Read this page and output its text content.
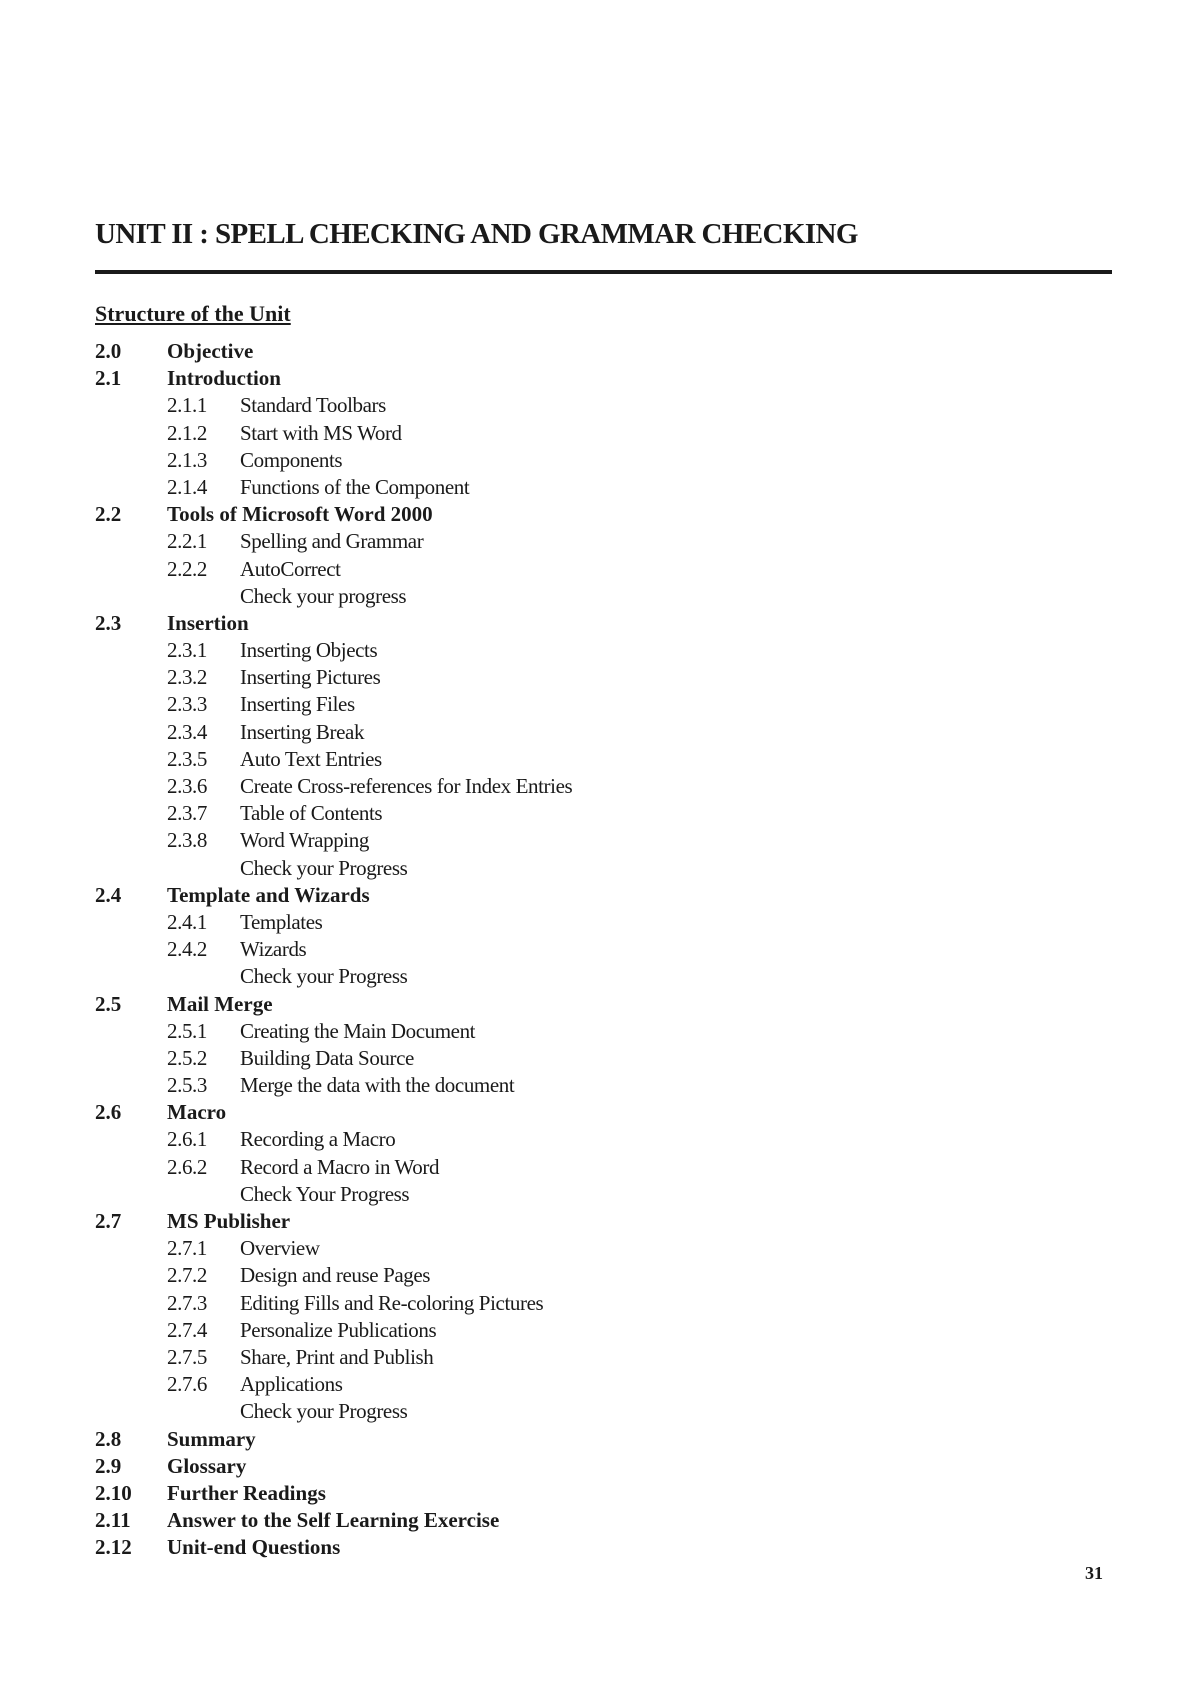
UNIT II : SPELL CHECKING AND GRAMMAR CHECKING
Structure of the Unit
2.0 Objective
2.1 Introduction
2.1.1 Standard Toolbars
2.1.2 Start with MS Word
2.1.3 Components
2.1.4 Functions of the Component
2.2 Tools of Microsoft Word 2000
2.2.1 Spelling and Grammar
2.2.2 AutoCorrect
Check your progress
2.3 Insertion
2.3.1 Inserting Objects
2.3.2 Inserting Pictures
2.3.3 Inserting Files
2.3.4 Inserting Break
2.3.5 Auto Text Entries
2.3.6 Create Cross-references for Index Entries
2.3.7 Table of Contents
2.3.8 Word Wrapping
Check your Progress
2.4 Template and Wizards
2.4.1 Templates
2.4.2 Wizards
Check your Progress
2.5 Mail Merge
2.5.1 Creating the Main Document
2.5.2 Building Data Source
2.5.3 Merge the data with the document
2.6 Macro
2.6.1 Recording a Macro
2.6.2 Record a Macro in Word
Check Your Progress
2.7 MS Publisher
2.7.1 Overview
2.7.2 Design and reuse Pages
2.7.3 Editing Fills and Re-coloring Pictures
2.7.4 Personalize Publications
2.7.5 Share, Print and Publish
2.7.6 Applications
Check your Progress
2.8 Summary
2.9 Glossary
2.10 Further Readings
2.11 Answer to the Self Learning Exercise
2.12 Unit-end Questions
31
